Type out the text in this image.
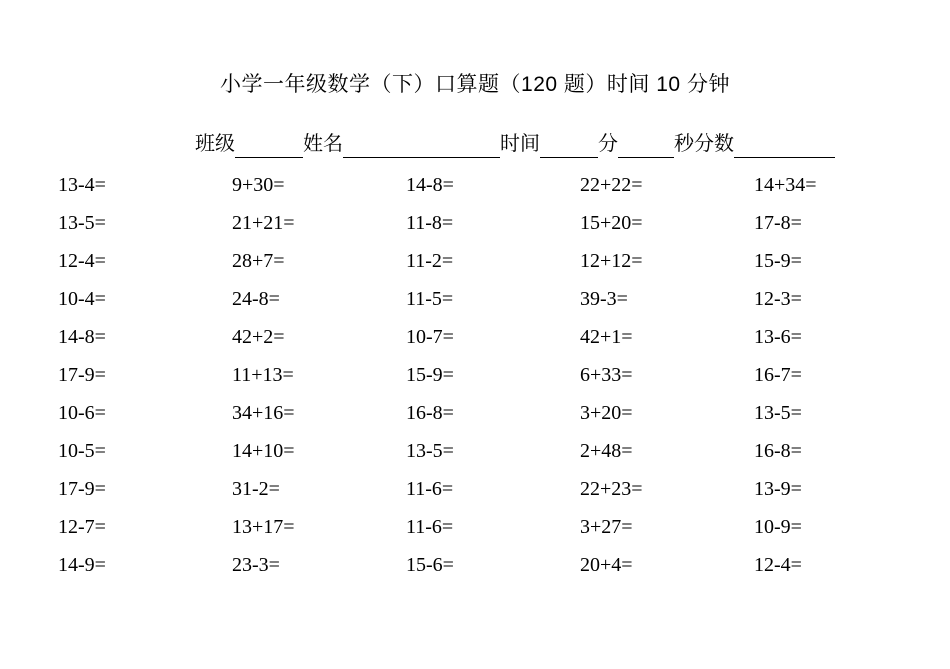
小学一年级数学（下）口算题（120 题）时间 10 分钟
班级	姓名	时间	分	秒分数
13-4=	9+30=	14-8=	22+22=	14+34=
13-5=	21+21=	11-8=	15+20=	17-8=
12-4=	28+7=	11-2=	12+12=	15-9=
10-4=	24-8=	11-5=	39-3=	12-3=
14-8=	42+2=	10-7=	42+1=	13-6=
17-9=	11+13=	15-9=	6+33=	16-7=
10-6=	34+16=	16-8=	3+20=	13-5=
10-5=	14+10=	13-5=	2+48=	16-8=
17-9=	31-2=	11-6=	22+23=	13-9=
12-7=	13+17=	11-6=	3+27=	10-9=
14-9=	23-3=	15-6=	20+4=	12-4=
